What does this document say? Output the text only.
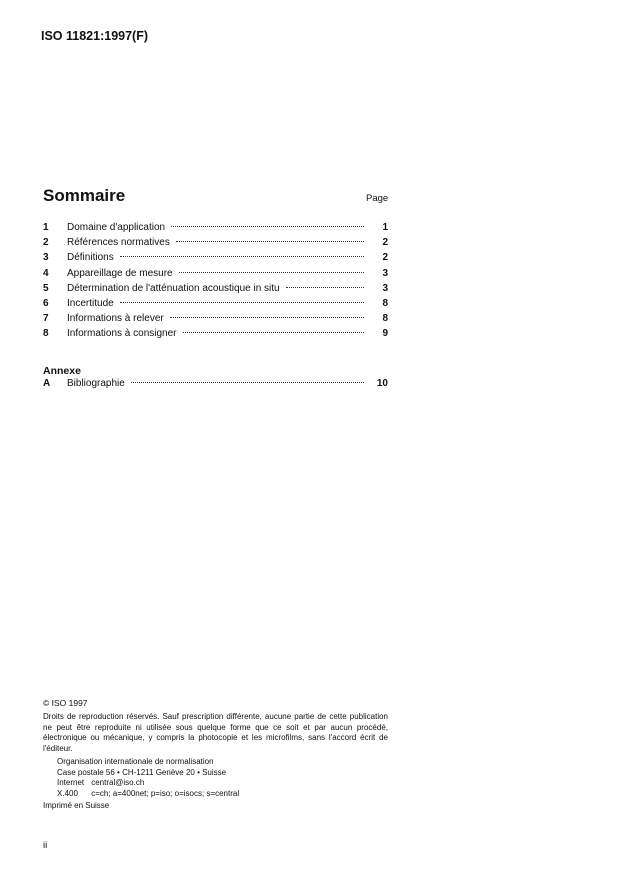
ISO 11821:1997(F)
Sommaire	Page
1	Domaine d'application	1
2	Références normatives	2
3	Définitions	2
4	Appareillage de mesure	3
5	Détermination de l'atténuation acoustique in situ	3
6	Incertitude	8
7	Informations à relever	8
8	Informations à consigner	9
Annexe
A	Bibliographie	10
© ISO 1997
Droits de reproduction réservés. Sauf prescription différente, aucune partie de cette publication ne peut être reproduite ni utilisée sous quelque forme que ce soit et par aucun procédé, électronique ou mécanique, y compris la photocopie et les microfilms, sans l'accord écrit de l'éditeur.
Organisation internationale de normalisation
Case postale 56 • CH-1211 Genève 20 • Suisse
Internet central@iso.ch
X.400 c=ch; a=400net; p=iso; o=isocs; s=central
Imprimé en Suisse
ii
